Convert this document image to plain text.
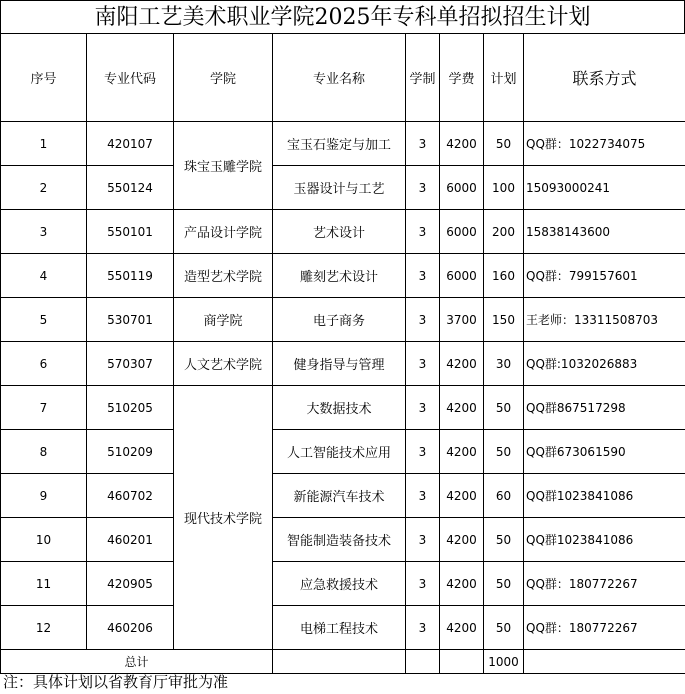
南阳工艺美术职业学院2025年专科单招拟招生计划
序号	专业代码	学院	专业名称	学制	学费	计划	联系方式
1	420107	珠宝玉雕学院	宝玉石鉴定与加工	3	4200	50	QQ群：1022734075
2	550124		玉器设计与工艺	3	6000	100	15093000241
3	550101	产品设计学院	艺术设计	3	6000	200	15838143600
4	550119	造型艺术学院	雕刻艺术设计	3	6000	160	QQ群：799157601
5	530701	商学院	电子商务	3	3700	150	王老师：13311508703
6	570307	人文艺术学院	健身指导与管理	3	4200	30	QQ群:1032026883
7	510205	现代技术学院	大数据技术	3	4200	50	QQ群867517298
8	510209		人工智能技术应用	3	4200	50	QQ群673061590
9	460702		新能源汽车技术	3	4200	60	QQ群1023841086
10	460201		智能制造装备技术	3	4200	50	QQ群1023841086
11	420905		应急救援技术	3	4200	50	QQ群：180772267
12	460206		电梯工程技术	3	4200	50	QQ群：180772267
总计						1000	
注：具体计划以省教育厅审批为准
